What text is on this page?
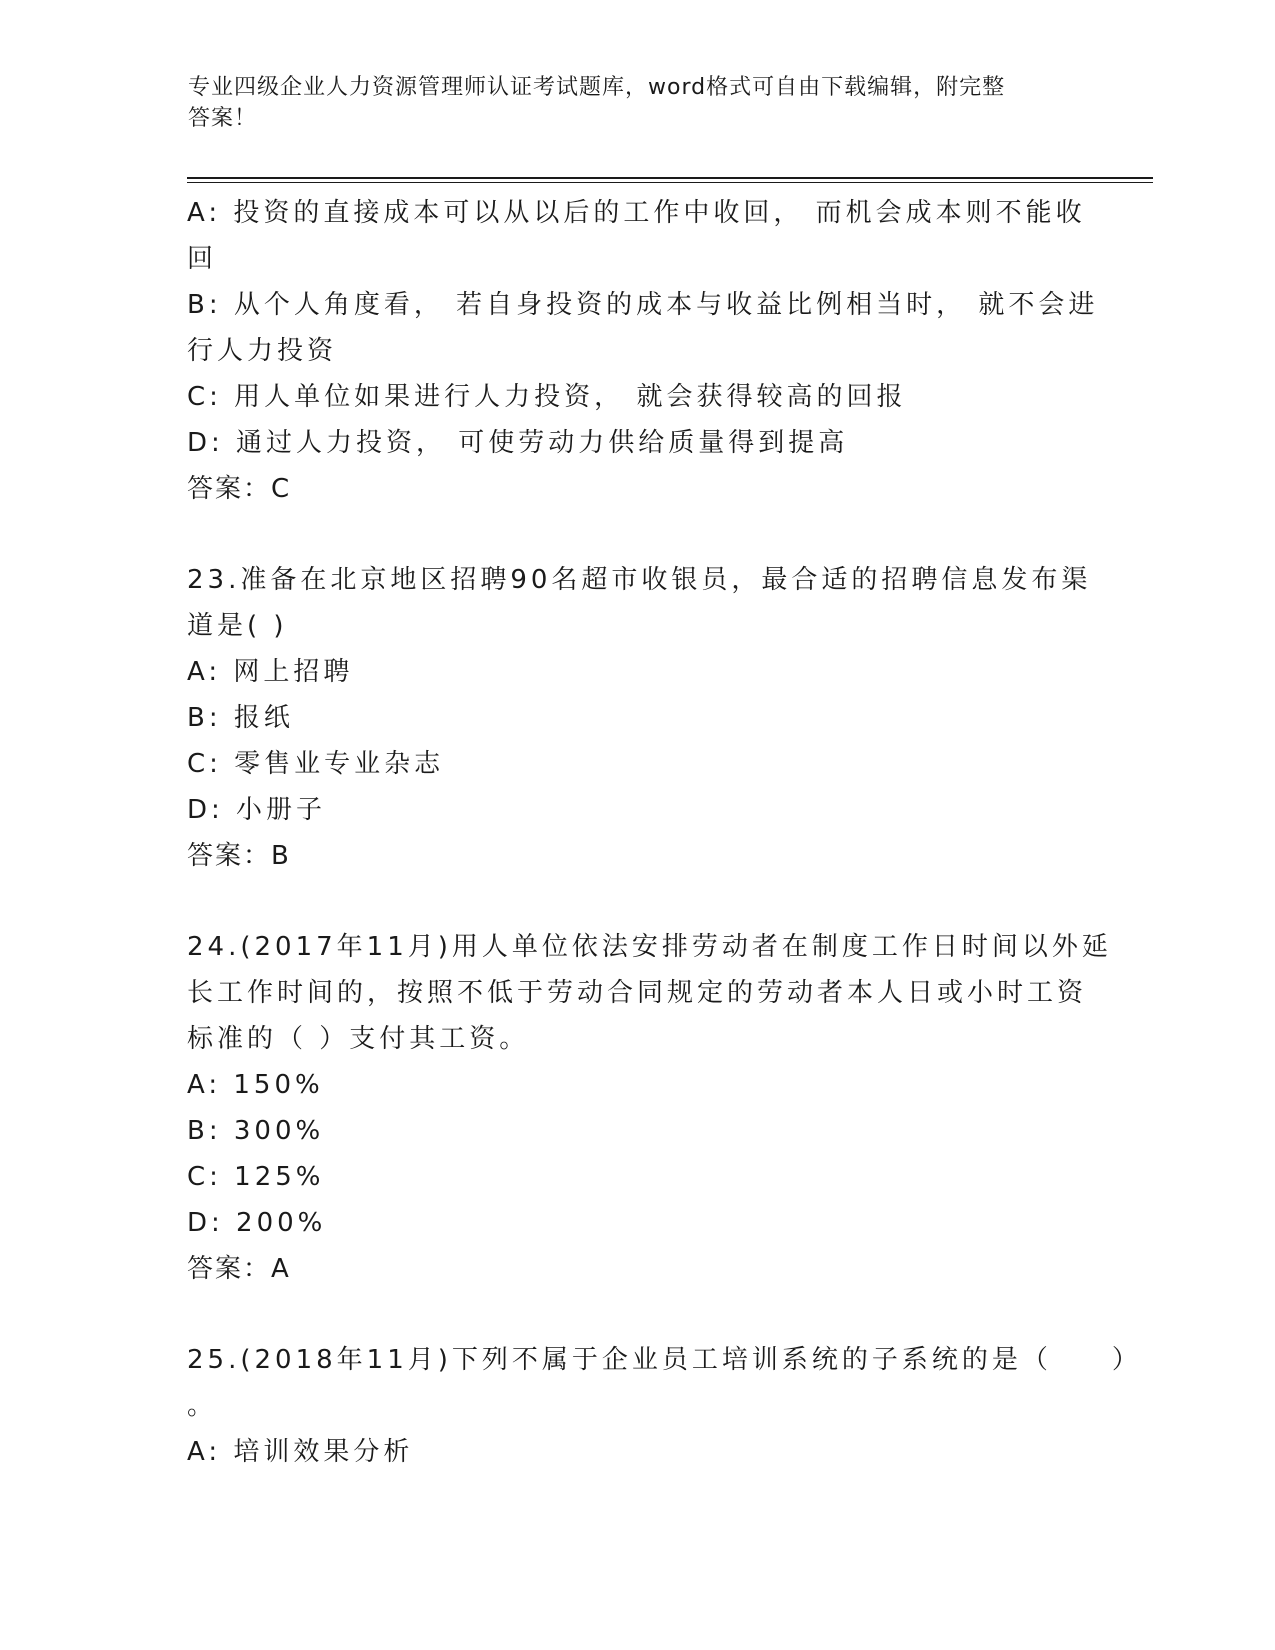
专业四级企业人力资源管理师认证考试题库，word格式可自由下载编辑，附完整
答案！
A: 投资的直接成本可以从以后的工作中收回， 而机会成本则不能收
回
B: 从个人角度看， 若自身投资的成本与收益比例相当时， 就不会进
行人力投资
C: 用人单位如果进行人力投资， 就会获得较高的回报
D: 通过人力投资， 可使劳动力供给质量得到提高
答案：C
23.准备在北京地区招聘90名超市收银员，最合适的招聘信息发布渠
道是( )
A: 网上招聘
B: 报纸
C: 零售业专业杂志
D: 小册子
答案：B
24.(2017年11月)用人单位依法安排劳动者在制度工作日时间以外延
长工作时间的，按照不低于劳动合同规定的劳动者本人日或小时工资
标准的（ ）支付其工资。
A: 150%
B: 300%
C: 125%
D: 200%
答案：A
25.(2018年11月)下列不属于企业员工培训系统的子系统的是（　　）
。
A: 培训效果分析
